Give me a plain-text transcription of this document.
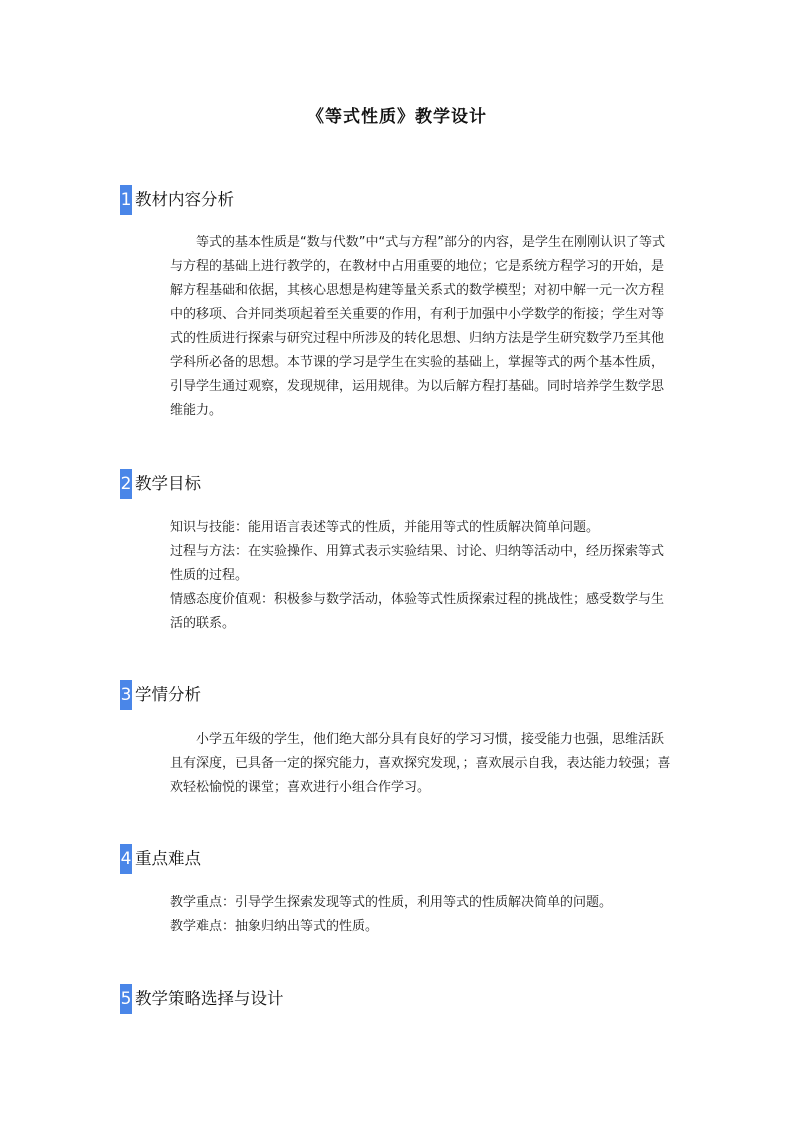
《等式性质》教学设计
1 教材内容分析

等式的基本性质是“数与代数”中“式与方程”部分的内容，是学生在刚刚认识了等式与方程的基础上进行教学的，在教材中占用重要的地位；它是系统方程学习的开始，是解方程基础和依据，其核心思想是构建等量关系式的数学模型；对初中解一元一次方程中的移项、合并同类项起着至关重要的作用，有利于加强中小学数学的衔接；学生对等式的性质进行探索与研究过程中所涉及的转化思想、归纳方法是学生研究数学乃至其他学科所必备的思想。本节课的学习是学生在实验的基础上，掌握等式的两个基本性质，引导学生通过观察，发现规律，运用规律。为以后解方程打基础。同时培养学生数学思维能力。

2 教学目标

知识与技能：能用语言表述等式的性质，并能用等式的性质解决简单问题。

过程与方法：在实验操作、用算式表示实验结果、讨论、归纳等活动中，经历探索等式性质的过程。

情感态度价值观：积极参与数学活动，体验等式性质探索过程的挑战性；感受数学与生活的联系。

3 学情分析

小学五年级的学生，他们绝大部分具有良好的学习习惯，接受能力也强，思维活跃且有深度，已具备一定的探究能力，喜欢探究发现，；喜欢展示自我，表达能力较强；喜欢轻松愉悦的课堂；喜欢进行小组合作学习。

4 重点难点

教学重点：引导学生探索发现等式的性质，利用等式的性质解决简单的问题。

教学难点：抽象归纳出等式的性质。

5 教学策略选择与设计
